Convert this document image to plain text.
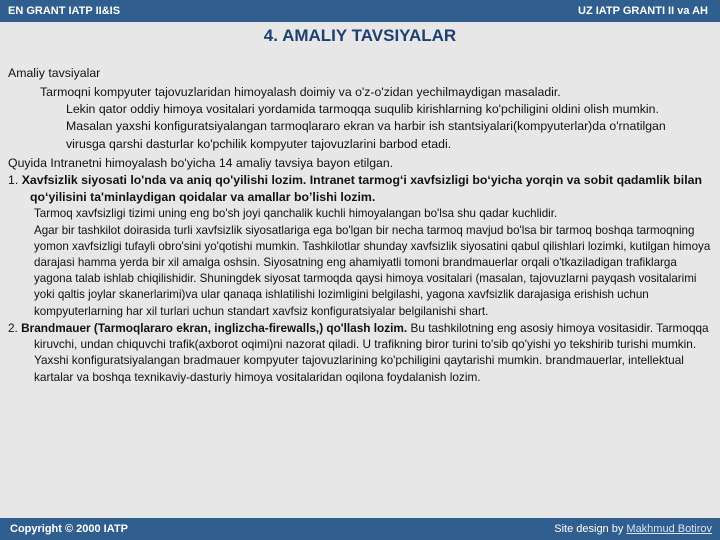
EN GRANT IATP II&IS	UZ IATP GRANTI II va AH
4. AMALIY TAVSIYALAR

Amaliy tavsiyalar

Tarmoqni kompyuter tajovuzlaridan himoyalash doimiy va o'z-o'zidan yechilmaydigan masaladir.
Lekin qator oddiy himoya vositalari yordamida tarmoqqa suqulib kirishlarning ko'pchiligini oldini olish mumkin. Masalan yaxshi konfiguratsiyalangan tarmoqlararo ekran va harbir ish stantsiyalari(kompyuterlar)da o'rnatilgan virusga qarshi dasturlar ko'pchilik kompyuter tajovuzlarini barbod etadi.

Quyida Intranetni himoyalash bo'yicha 14 amaliy tavsiya bayon etilgan.

1. Xavfsizlik siyosati lo'nda va aniq qo'yilishi lozim. Intranet tarmog‘i xavfsizligi bo‘yicha yorqin va sobit qadamlik bilan qo‘yilisini ta'minlaydigan qoidalar va amallar bo’lishi lozim.

Tarmoq xavfsizligi tizimi uning eng bo'sh joyi qanchalik kuchli himoyalangan bo'lsa shu qadar kuchlidir.
Agar bir tashkilot doirasida turli xavfsizlik siyosatlariga ega bo'lgan bir necha tarmoq mavjud bo'lsa bir tarmoq boshqa tarmoqning yomon xavfsizligi tufayli obro'sini yo'qotishi mumkin. Tashkilotlar shunday xavfsizlik siyosatini qabul qilishlari lozimki, kutilgan himoya darajasi hamma yerda bir xil amalga oshsin. Siyosatning eng ahamiyatli tomoni brandmauerlar orqali o'tkaziladigan trafiklarga yagona talab ishlab chiqilishidir. Shuningdek siyosat tarmoqda qaysi himoya vositalari (masalan, tajovuzlarni payqash vositalarimi yoki qaltis joylar skanerlarimi)va ular qanaqa ishlatilishi lozimligini belgilashi, yagona xavfsizlik darajasiga erishish uchun kompyuterlarning har xil turlari uchun standart xavfsiz konfiguratsiyalar belgilanishi shart.

2. Brandmauer (Tarmoqlararo ekran, inglizcha-firewalls,) qo'llash lozim. Bu tashkilotning eng asosiy himoya vositasidir. Tarmoqqa kiruvchi, undan chiquvchi trafik(axborot oqimi)ni nazorat qiladi. U trafikning biror turini to'sib qo'yishi yo tekshirib turishi mumkin. Yaxshi konfiguratsiyalangan bradmauer kompyuter tajovuzlarining ko'pchiligini qaytarishi mumkin. brandmauerlar, intellektual kartalar va boshqa texnikaviy-dasturiy himoya vositalaridan oqilona foydalanish lozim.

Copyright © 2000 IATP	Site design by Makhmud Botirov
